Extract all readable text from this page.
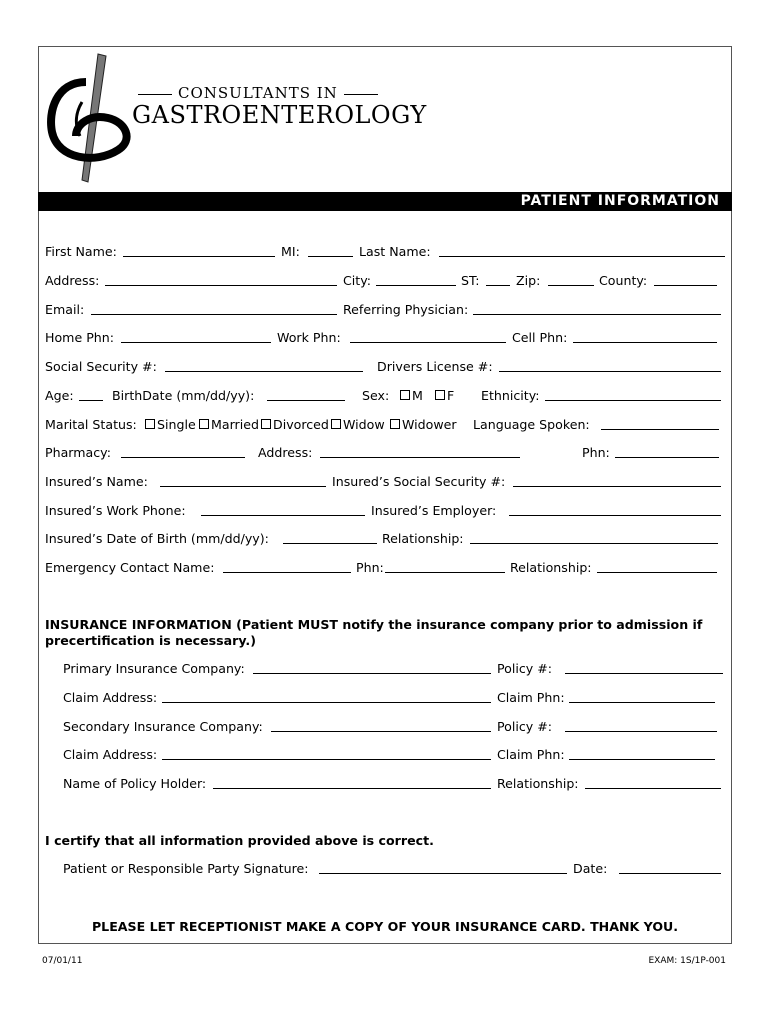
CONSULTANTS IN
GASTROENTEROLOGY
PATIENT INFORMATION
First Name:	MI:	Last Name:
Address:	City:	ST:	Zip:	County:
Email:	Referring Physician:
Home Phn:	Work Phn:	Cell Phn:
Social Security #:	Drivers License #:
Age:	BirthDate (mm/dd/yy):	Sex:	M	F Ethnicity:
Marital Status:	Single	Married	Divorced	Widow	Widower Language Spoken:
Pharmacy:	Address:	Phn:
Insured’s Name:	Insured’s Social Security #:
Insured’s Work Phone:	Insured’s Employer:
Insured’s Date of Birth (mm/dd/yy):	Relationship:
Emergency Contact Name:	Phn:	Relationship:
INSURANCE INFORMATION (Patient MUST notify the insurance company prior to admission if precertification is necessary.)
Primary Insurance Company:	Policy #:
Claim Address:	Claim Phn:
Secondary Insurance Company:	Policy #:
Claim Address:	Claim Phn:
Name of Policy Holder:	Relationship:
I certify that all information provided above is correct.
Patient or Responsible Party Signature:	Date:
PLEASE LET RECEPTIONIST MAKE A COPY OF YOUR INSURANCE CARD. THANK YOU.
07/01/11	EXAM: 1S/1P-001
